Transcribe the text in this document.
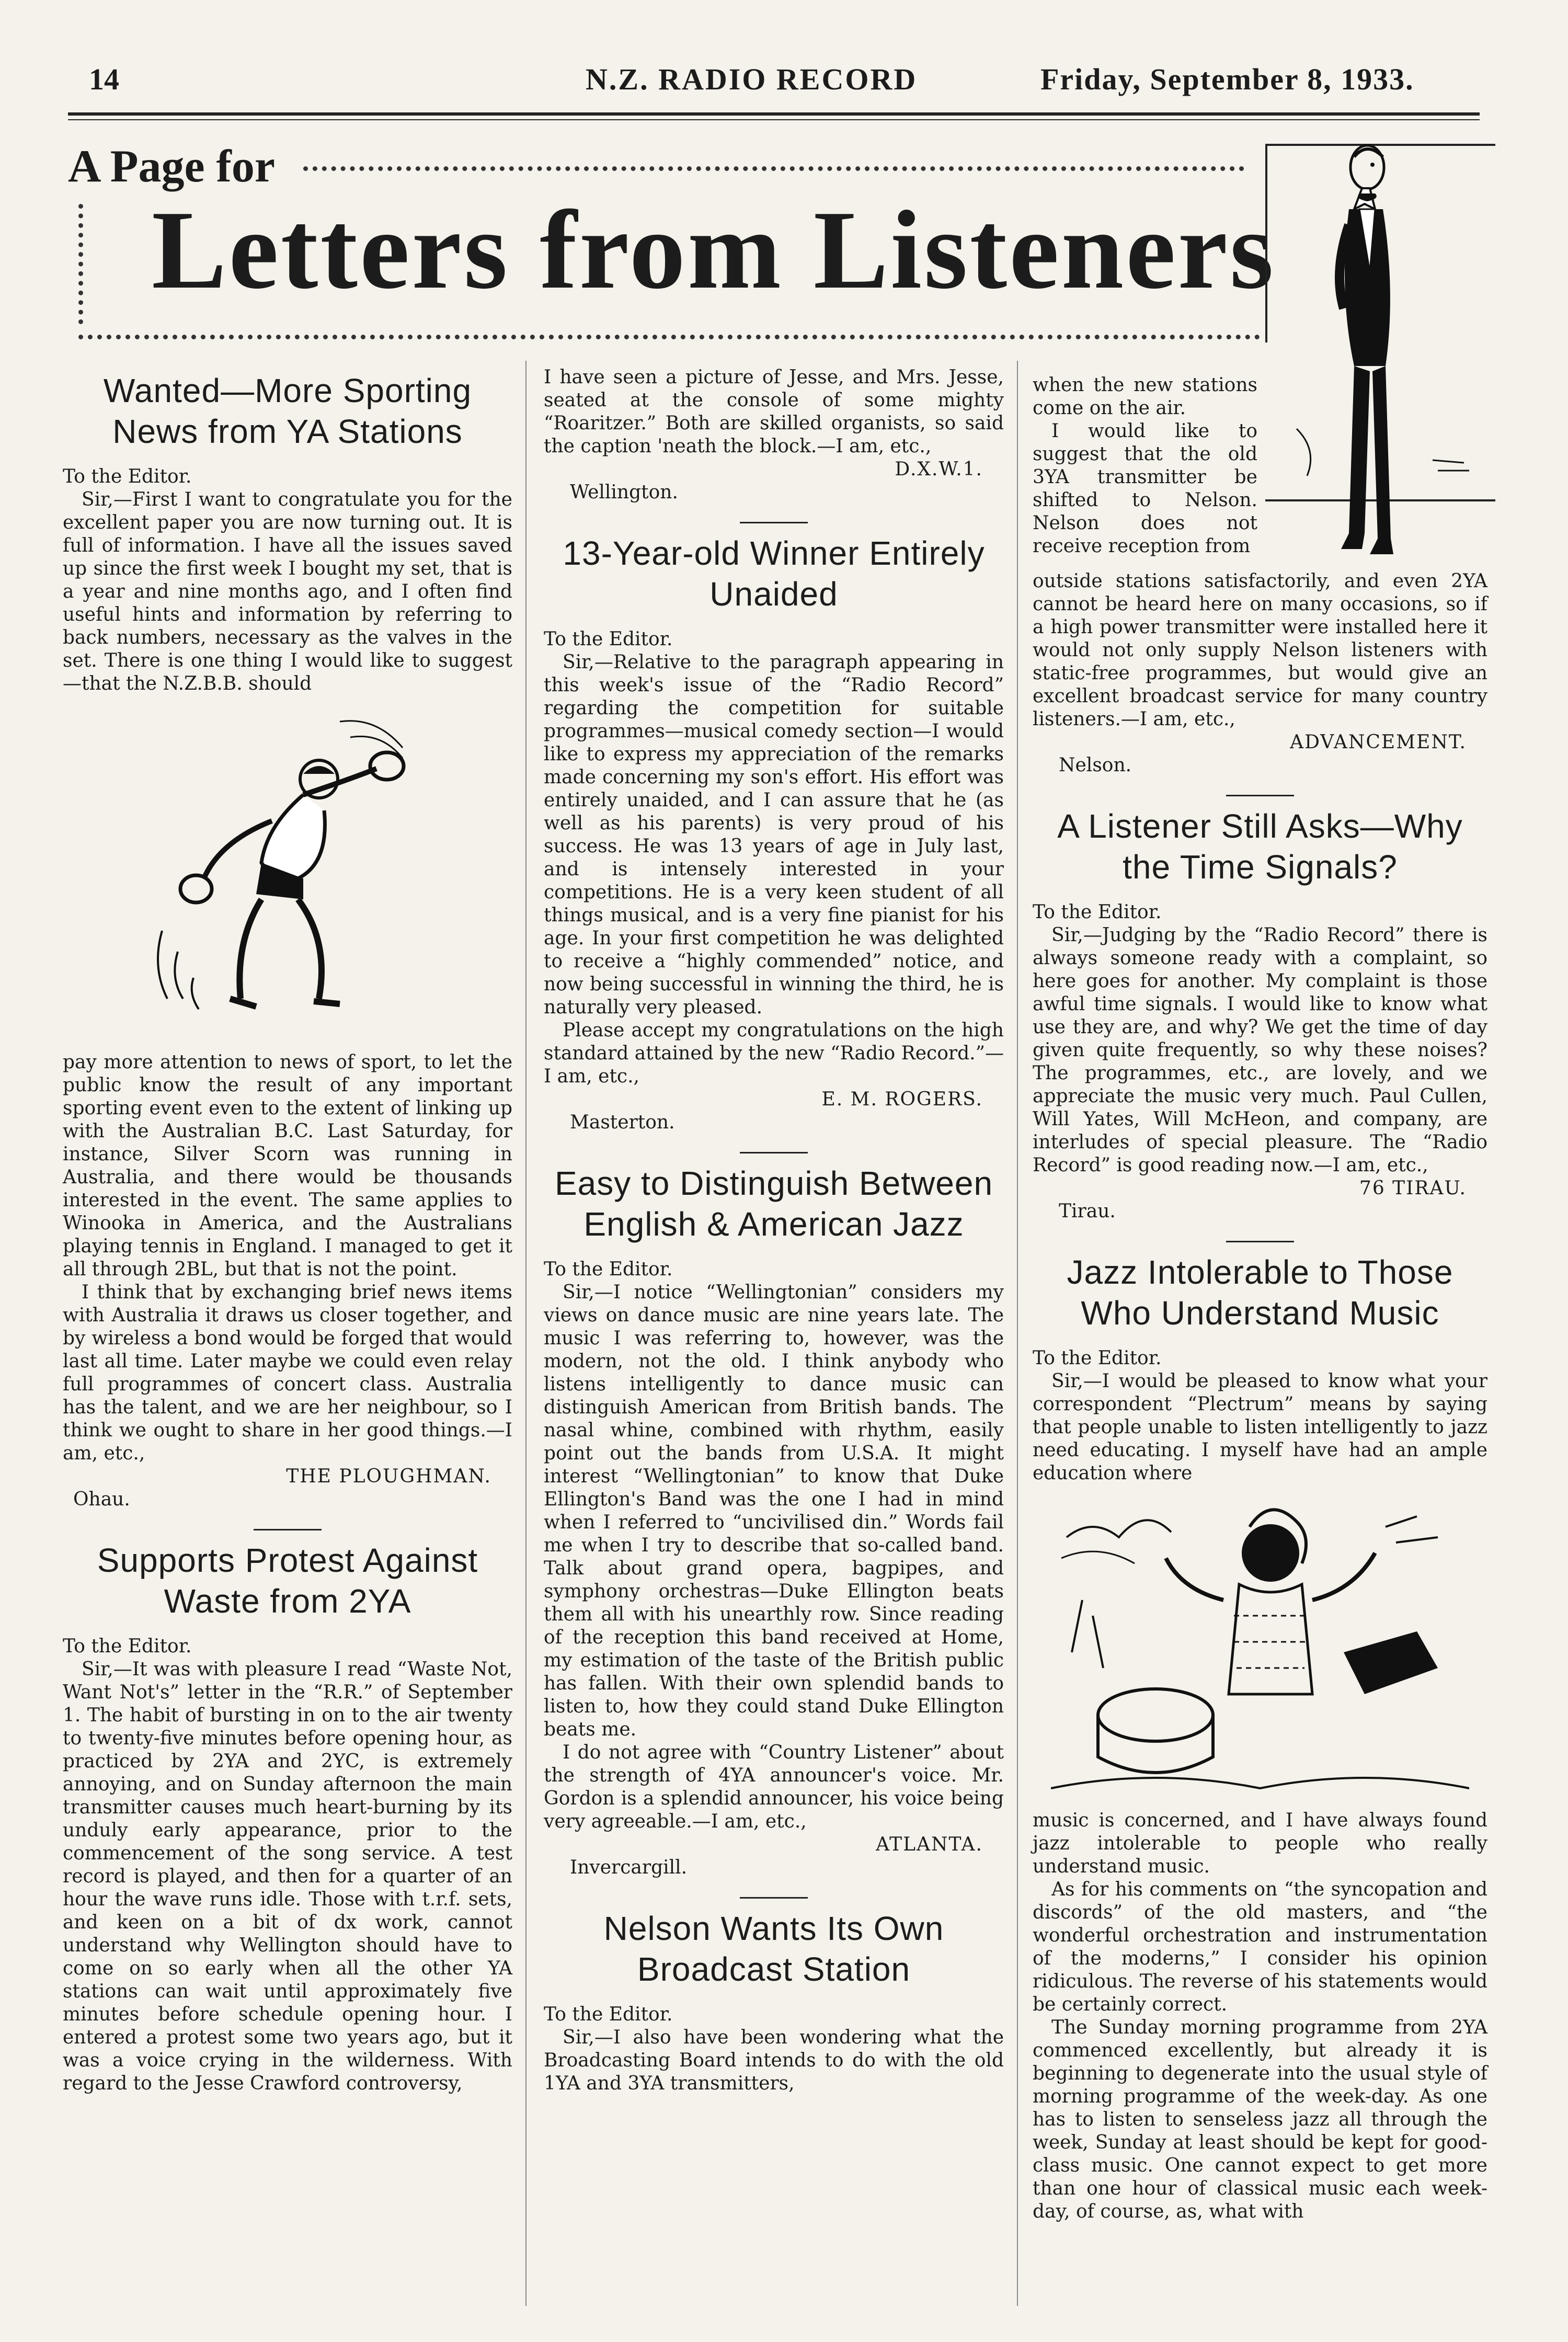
14	N.Z. RADIO RECORD	Friday, September 8, 1933.
A Page for
Letters from Listeners
Wanted—More Sporting News from YA Stations

To the Editor.

Sir,—First I want to congratulate you for the excellent paper you are now turning out. It is full of information. I have all the issues saved up since the first week I bought my set, that is a year and nine months ago, and I often find useful hints and information by referring to back numbers, necessary as the valves in the set. There is one thing I would like to suggest—that the N.Z.B.B. should

pay more attention to news of sport, to let the public know the result of any important sporting event even to the extent of linking up with the Australian B.C. Last Saturday, for instance, Silver Scorn was running in Australia, and there would be thousands interested in the event. The same applies to Winooka in America, and the Australians playing tennis in England. I managed to get it all through 2BL, but that is not the point.

I think that by exchanging brief news items with Australia it draws us closer together, and by wireless a bond would be forged that would last all time. Later maybe we could even relay full programmes of concert class. Australia has the talent, and we are her neighbour, so I think we ought to share in her good things.—I am, etc.,

THE PLOUGHMAN.

Ohau.

Supports Protest Against Waste from 2YA

To the Editor.

Sir,—It was with pleasure I read “Waste Not, Want Not's” letter in the “R.R.” of September 1. The habit of bursting in on to the air twenty to twenty-five minutes before opening hour, as practiced by 2YA and 2YC, is extremely annoying, and on Sunday afternoon the main transmitter causes much heart-burning by its unduly early appearance, prior to the commencement of the song service. A test record is played, and then for a quarter of an hour the wave runs idle. Those with t.r.f. sets, and keen on a bit of dx work, cannot understand why Wellington should have to come on so early when all the other YA stations can wait until approximately five minutes before schedule opening hour. I entered a protest some two years ago, but it was a voice crying in the wilderness. With regard to the Jesse Crawford controversy,

I have seen a picture of Jesse, and Mrs. Jesse, seated at the console of some mighty “Roaritzer.” Both are skilled organists, so said the caption 'neath the block.—I am, etc.,

D.X.W.1.

Wellington.

13-Year-old Winner Entirely Unaided

To the Editor.

Sir,—Relative to the paragraph appearing in this week's issue of the “Radio Record” regarding the competition for suitable programmes—musical comedy section—I would like to express my appreciation of the remarks made concerning my son's effort. His effort was entirely unaided, and I can assure that he (as well as his parents) is very proud of his success. He was 13 years of age in July last, and is intensely interested in your competitions. He is a very keen student of all things musical, and is a very fine pianist for his age. In your first competition he was delighted to receive a “highly commended” notice, and now being successful in winning the third, he is naturally very pleased.

Please accept my congratulations on the high standard attained by the new “Radio Record.”—I am, etc.,

E. M. ROGERS.

Masterton.

Easy to Distinguish Between English & American Jazz

To the Editor.

Sir,—I notice “Wellingtonian” considers my views on dance music are nine years late. The music I was referring to, however, was the modern, not the old. I think anybody who listens intelligently to dance music can distinguish American from British bands. The nasal whine, combined with rhythm, easily point out the bands from U.S.A. It might interest “Wellingtonian” to know that Duke Ellington's Band was the one I had in mind when I referred to “uncivilised din.” Words fail me when I try to describe that so-called band. Talk about grand opera, bagpipes, and symphony orchestras—Duke Ellington beats them all with his unearthly row. Since reading of the reception this band received at Home, my estimation of the taste of the British public has fallen. With their own splendid bands to listen to, how they could stand Duke Ellington beats me.

I do not agree with “Country Listener” about the strength of 4YA announcer's voice. Mr. Gordon is a splendid announcer, his voice being very agreeable.—I am, etc.,

ATLANTA.

Invercargill.

Nelson Wants Its Own Broadcast Station

To the Editor.

Sir,—I also have been wondering what the Broadcasting Board intends to do with the old 1YA and 3YA transmitters,

when the new stations come on the air.

I would like to suggest that the old 3YA transmitter be shifted to Nelson. Nelson does not receive reception from

outside stations satisfactorily, and even 2YA cannot be heard here on many occasions, so if a high power transmitter were installed here it would not only supply Nelson listeners with static-free programmes, but would give an excellent broadcast service for many country listeners.—I am, etc.,

ADVANCEMENT.

Nelson.

A Listener Still Asks—Why the Time Signals?

To the Editor.

Sir,—Judging by the “Radio Record” there is always someone ready with a complaint, so here goes for another. My complaint is those awful time signals. I would like to know what use they are, and why? We get the time of day given quite frequently, so why these noises? The programmes, etc., are lovely, and we appreciate the music very much. Paul Cullen, Will Yates, Will McHeon, and company, are interludes of special pleasure. The “Radio Record” is good reading now.—I am, etc.,

76 TIRAU.

Tirau.

Jazz Intolerable to Those Who Understand Music

To the Editor.

Sir,—I would be pleased to know what your correspondent “Plectrum” means by saying that people unable to listen intelligently to jazz need educating. I myself have had an ample education where

music is concerned, and I have always found jazz intolerable to people who really understand music.

As for his comments on “the syncopation and discords” of the old masters, and “the wonderful orchestration and instrumentation of the moderns,” I consider his opinion ridiculous. The reverse of his statements would be certainly correct.

The Sunday morning programme from 2YA commenced excellently, but already it is beginning to degenerate into the usual style of morning programme of the week-day. As one has to listen to senseless jazz all through the week, Sunday at least should be kept for good-class music. One cannot expect to get more than one hour of classical music each week-day, of course, as, what with
